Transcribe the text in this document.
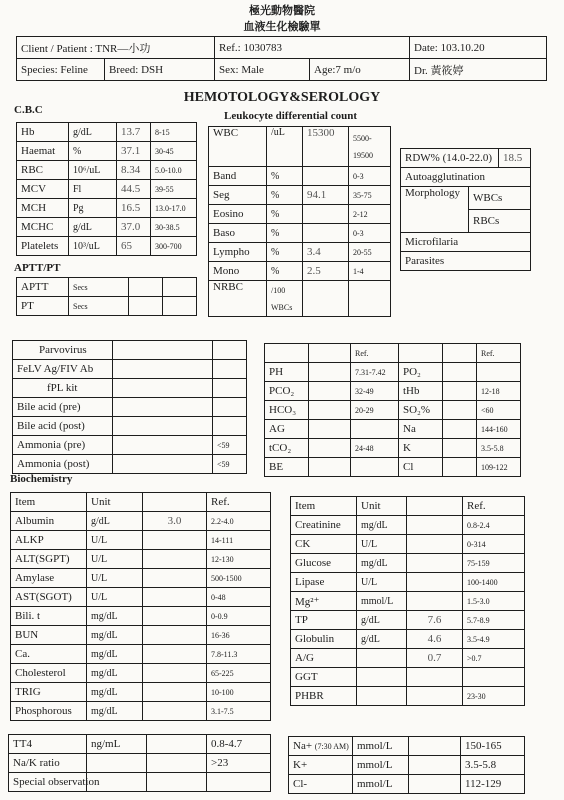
極光動物醫院
血液生化檢驗單
Client / Patient : TNR—小功		Ref.: 1030783		Date: 103.10.20
Species: Feline	Breed: DSH	Sex: Male	Age:7 m/o	Dr. 黃筱婷
HEMOTOLOGY&SEROLOGY
C.B.C	Leukocyte differential count
Hb	g/dL	13.7	8-15
Haemat	%	37.1	30-45
RBC	10⁶/uL	8.34	5.0-10.0
MCV	Fl	44.5	39-55
MCH	Pg	16.5	13.0-17.0
MCHC	g/dL	37.0	30-38.5
Platelets	10³/uL	65	300-700
WBC	/uL	15300	5500-
19500

Band	%		0-3
Seg	%	94.1	35-75
Eosino	%		2-12
Baso	%		0-3
Lympho	%	3.4	20-55
Mono	%	2.5	1-4
NRBC	/100
WBCs		

RDW% (14.0-22.0)		18.5
Autoagglutination		
Morphology	WBCs
RBCs	

Microfilaria		
Parasites		
APTT/PT
APTT	Secs		
PT	Secs		
Parvovirus		
FeLV Ag/FIV Ab		
fPL kit		
Bile acid (pre)		
Bile acid (post)		
Ammonia (pre)		<59
Ammonia (post)		<59
		Ref.			Ref.
PH		7.31-7.42	PO₂		
PCO₂		32-49	tHb		12-18
HCO₃		20-29	SO₂%		<60
AG			Na		144-160
tCO₂		24-48	K		3.5-5.8
BE			Cl		109-122
Biochemistry
Item	Unit		Ref.
Albumin	g/dL	3.0	2.2-4.0
ALKP	U/L		14-111
ALT(SGPT)	U/L		12-130
Amylase	U/L		500-1500
AST(SGOT)	U/L		0-48
Bili. t	mg/dL		0-0.9
BUN	mg/dL		16-36
Ca.	mg/dL		7.8-11.3
Cholesterol	mg/dL		65-225
TRIG	mg/dL		10-100
Phosphorous	mg/dL		3.1-7.5
Item	Unit		Ref.
Creatinine	mg/dL		0.8-2.4
CK	U/L		0-314
Glucose	mg/dL		75-159
Lipase	U/L		100-1400
Mg²⁺	mmol/L		1.5-3.0
TP	g/dL	7.6	5.7-8.9
Globulin	g/dL	4.6	3.5-4.9
A/G		0.7	>0.7
GGT			
PHBR			23-30
TT4	ng/mL		0.8-4.7
Na/K ratio			>23
Special observation			
Na+ (7:30 AM)	mmol/L		150-165
K+	mmol/L		3.5-5.8
Cl-	mmol/L		112-129
